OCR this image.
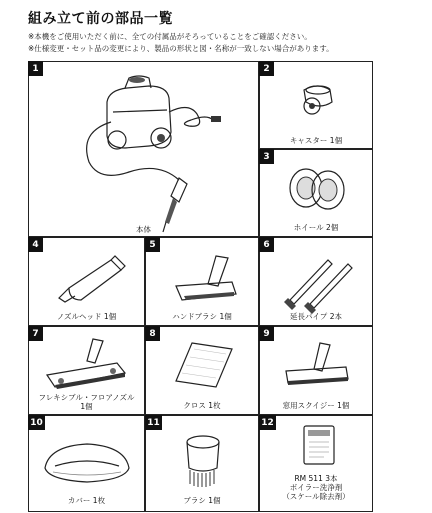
組み立て前の部品一覧
※本機をご使用いただく前に、全ての付属品がそろっていることをご確認ください。
※仕様変更・セット品の変更により、製品の形状と図・名称が一致しない場合があります。
1
本体
2
キャスター 1個
3
ホイール 2個
4
ノズルヘッド 1個
5
ハンドブラシ 1個
6
延長パイプ 2本
7
フレキシブル・フロアノズル
1個
8
クロス 1枚
9
窓用スクイジー 1個
10
カバー 1枚
11
ブラシ 1個
12
RM 511 3本
ボイラー洗浄剤
（スケール除去剤）
